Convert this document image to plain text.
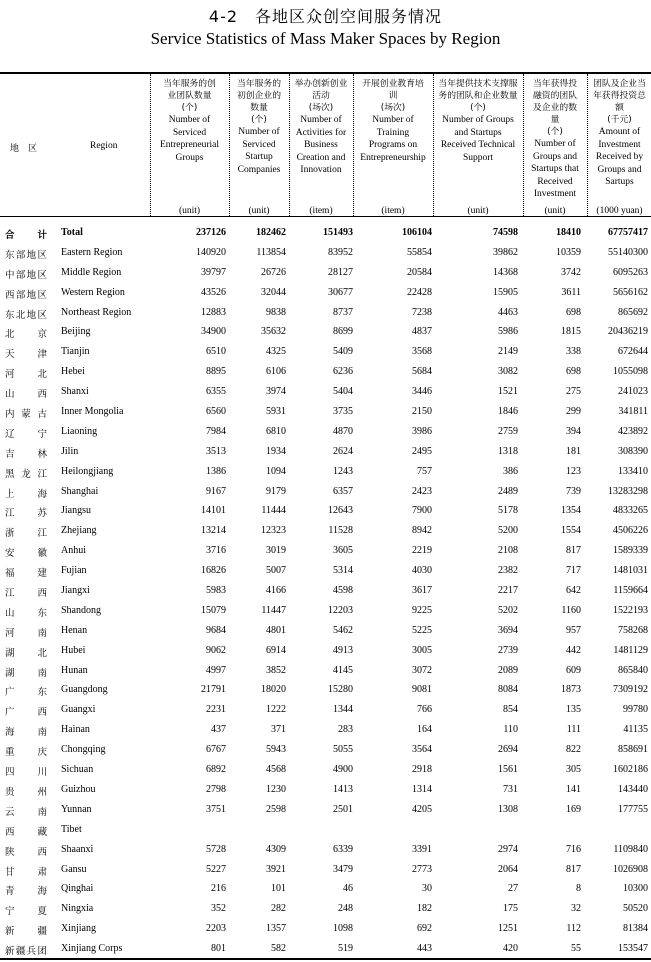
4-2　各地区众创空间服务情况
Service Statistics of Mass Maker Spaces by Region
地　区	Region
当年服务的创业团队数量
(个)
Number of Serviced Entrepreneurial Groups
(unit)
当年服务的初创企业的数量
(个)
Number of Serviced Startup Companies
(unit)
举办创新创业活动
(场次)
Number of Activities for Business Creation and Innovation
(item)
开展创业教育培训
(场次)
Number of Training Programs on Entrepreneurship
(item)
当年提供技术支撑服务的团队和企业数量
(个)
Number of Groups and Startups Received Technical Support
(unit)
当年获得投融资的团队及企业的数量
(个)
Number of Groups and Startups that Received Investment
(unit)
团队及企业当年获得投资总额
(千元)
Amount of Investment Received by Groups and Sartups
(1000 yuan)
合计 Total	237126	182462	151493	106104	74598	18410	67757417
东部地区 Eastern Region	140920	113854	83952	55854	39862	10359	55140300
中部地区 Middle Region	39797	26726	28127	20584	14368	3742	6095263
西部地区 Western Region	43526	32044	30677	22428	15905	3611	5656162
东北地区 Northeast Region	12883	9838	8737	7238	4463	698	865692
北京 Beijing	34900	35632	8699	4837	5986	1815	20436219
天津 Tianjin	6510	4325	5409	3568	2149	338	672644
河北 Hebei	8895	6106	6236	5684	3082	698	1055098
山西 Shanxi	6355	3974	5404	3446	1521	275	241023
内蒙古 Inner Mongolia	6560	5931	3735	2150	1846	299	341811
辽宁 Liaoning	7984	6810	4870	3986	2759	394	423892
吉林 Jilin	3513	1934	2624	2495	1318	181	308390
黑龙江 Heilongjiang	1386	1094	1243	757	386	123	133410
上海 Shanghai	9167	9179	6357	2423	2489	739	13283298
江苏 Jiangsu	14101	11444	12643	7900	5178	1354	4833265
浙江 Zhejiang	13214	12323	11528	8942	5200	1554	4506226
安徽 Anhui	3716	3019	3605	2219	2108	817	1589339
福建 Fujian	16826	5007	5314	4030	2382	717	1481031
江西 Jiangxi	5983	4166	4598	3617	2217	642	1159664
山东 Shandong	15079	11447	12203	9225	5202	1160	1522193
河南 Henan	9684	4801	5462	5225	3694	957	758268
湖北 Hubei	9062	6914	4913	3005	2739	442	1481129
湖南 Hunan	4997	3852	4145	3072	2089	609	865840
广东 Guangdong	21791	18020	15280	9081	8084	1873	7309192
广西 Guangxi	2231	1222	1344	766	854	135	99780
海南 Hainan	437	371	283	164	110	111	41135
重庆 Chongqing	6767	5943	5055	3564	2694	822	858691
四川 Sichuan	6892	4568	4900	2918	1561	305	1602186
贵州 Guizhou	2798	1230	1413	1314	731	141	143440
云南 Yunnan	3751	2598	2501	4205	1308	169	177755
西藏 Tibet
陕西 Shaanxi	5728	4309	6339	3391	2974	716	1109840
甘肃 Gansu	5227	3921	3479	2773	2064	817	1026908
青海 Qinghai	216	101	46	30	27	8	10300
宁夏 Ningxia	352	282	248	182	175	32	50520
新疆 Xinjiang	2203	1357	1098	692	1251	112	81384
新疆兵团 Xinjiang Corps	801	582	519	443	420	55	153547
